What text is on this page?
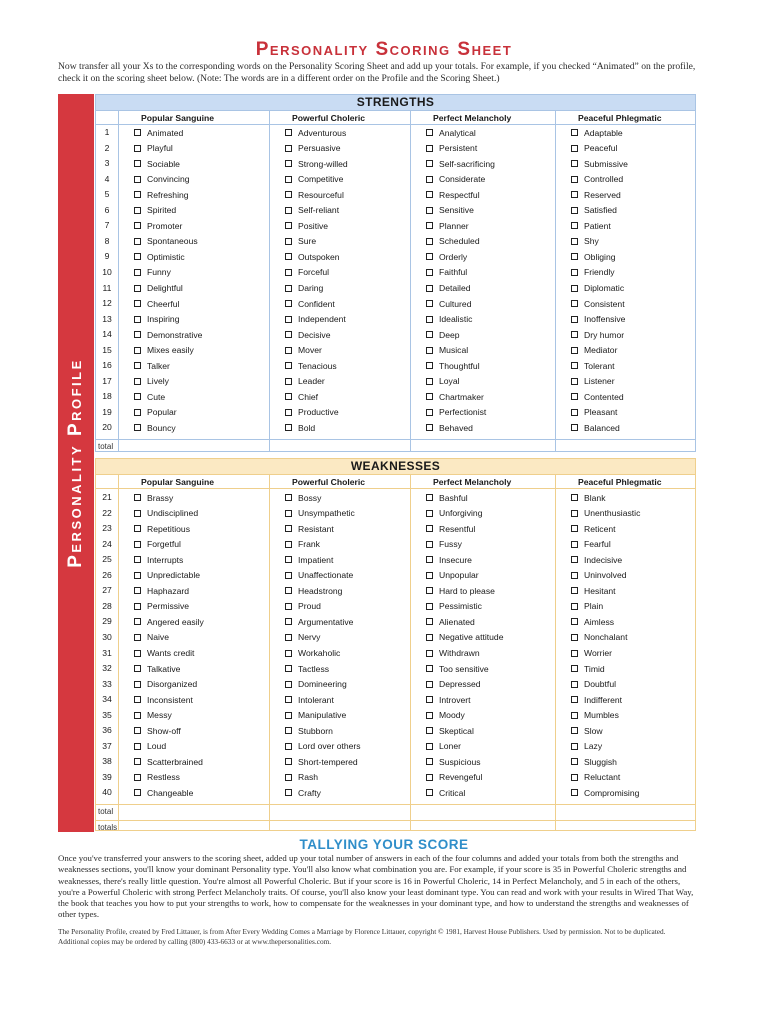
Personality Scoring Sheet
Now transfer all your Xs to the corresponding words on the Personality Scoring Sheet and add up your totals. For example, if you checked “Animated” on the profile, check it on the scoring sheet below. (Note: The words are in a different order on the Profile and the Scoring Sheet.)
Personality Profile
STRENGTHS
Popular Sanguine	Powerful Choleric	Perfect Melancholy	Peaceful Phlegmatic
1	Animated	Adventurous	Analytical	Adaptable
2	Playful	Persuasive	Persistent	Peaceful
3	Sociable	Strong-willed	Self-sacrificing	Submissive
4	Convincing	Competitive	Considerate	Controlled
5	Refreshing	Resourceful	Respectful	Reserved
6	Spirited	Self-reliant	Sensitive	Satisfied
7	Promoter	Positive	Planner	Patient
8	Spontaneous	Sure	Scheduled	Shy
9	Optimistic	Outspoken	Orderly	Obliging
10	Funny	Forceful	Faithful	Friendly
11	Delightful	Daring	Detailed	Diplomatic
12	Cheerful	Confident	Cultured	Consistent
13	Inspiring	Independent	Idealistic	Inoffensive
14	Demonstrative	Decisive	Deep	Dry humor
15	Mixes easily	Mover	Musical	Mediator
16	Talker	Tenacious	Thoughtful	Tolerant
17	Lively	Leader	Loyal	Listener
18	Cute	Chief	Chartmaker	Contented
19	Popular	Productive	Perfectionist	Pleasant
20	Bouncy	Bold	Behaved	Balanced
total
WEAKNESSES
Popular Sanguine	Powerful Choleric	Perfect Melancholy	Peaceful Phlegmatic
21	Brassy	Bossy	Bashful	Blank
22	Undisciplined	Unsympathetic	Unforgiving	Unenthusiastic
23	Repetitious	Resistant	Resentful	Reticent
24	Forgetful	Frank	Fussy	Fearful
25	Interrupts	Impatient	Insecure	Indecisive
26	Unpredictable	Unaffectionate	Unpopular	Uninvolved
27	Haphazard	Headstrong	Hard to please	Hesitant
28	Permissive	Proud	Pessimistic	Plain
29	Angered easily	Argumentative	Alienated	Aimless
30	Naive	Nervy	Negative attitude	Nonchalant
31	Wants credit	Workaholic	Withdrawn	Worrier
32	Talkative	Tactless	Too sensitive	Timid
33	Disorganized	Domineering	Depressed	Doubtful
34	Inconsistent	Intolerant	Introvert	Indifferent
35	Messy	Manipulative	Moody	Mumbles
36	Show-off	Stubborn	Skeptical	Slow
37	Loud	Lord over others	Loner	Lazy
38	Scatterbrained	Short-tempered	Suspicious	Sluggish
39	Restless	Rash	Revengeful	Reluctant
40	Changeable	Crafty	Critical	Compromising
total
totals
TALLYING YOUR SCORE
Once you've transferred your answers to the scoring sheet, added up your total number of answers in each of the four columns and added your totals from both the strengths and weaknesses sections, you'll know your dominant Personality type. You'll also know what combination you are. For example, if your score is 35 in Powerful Choleric strengths and weaknesses, there's really little question. You're almost all Powerful Choleric. But if your score is 16 in Powerful Choleric, 14 in Perfect Melancholy, and 5 in each of the others, you're a Powerful Choleric with strong Perfect Melancholy traits. Of course, you'll also know your least dominant type. You can read and work with your results in Wired That Way, the book that teaches you how to put your strengths to work, how to compensate for the weaknesses in your dominant type, and how to understand the strengths and weaknesses of other types.
The Personality Profile, created by Fred Littauer, is from After Every Wedding Comes a Marriage by Florence Littauer, copyright © 1981, Harvest House Publishers. Used by permission. Not to be duplicated. Additional copies may be ordered by calling (800) 433-6633 or at www.thepersonalities.com.
